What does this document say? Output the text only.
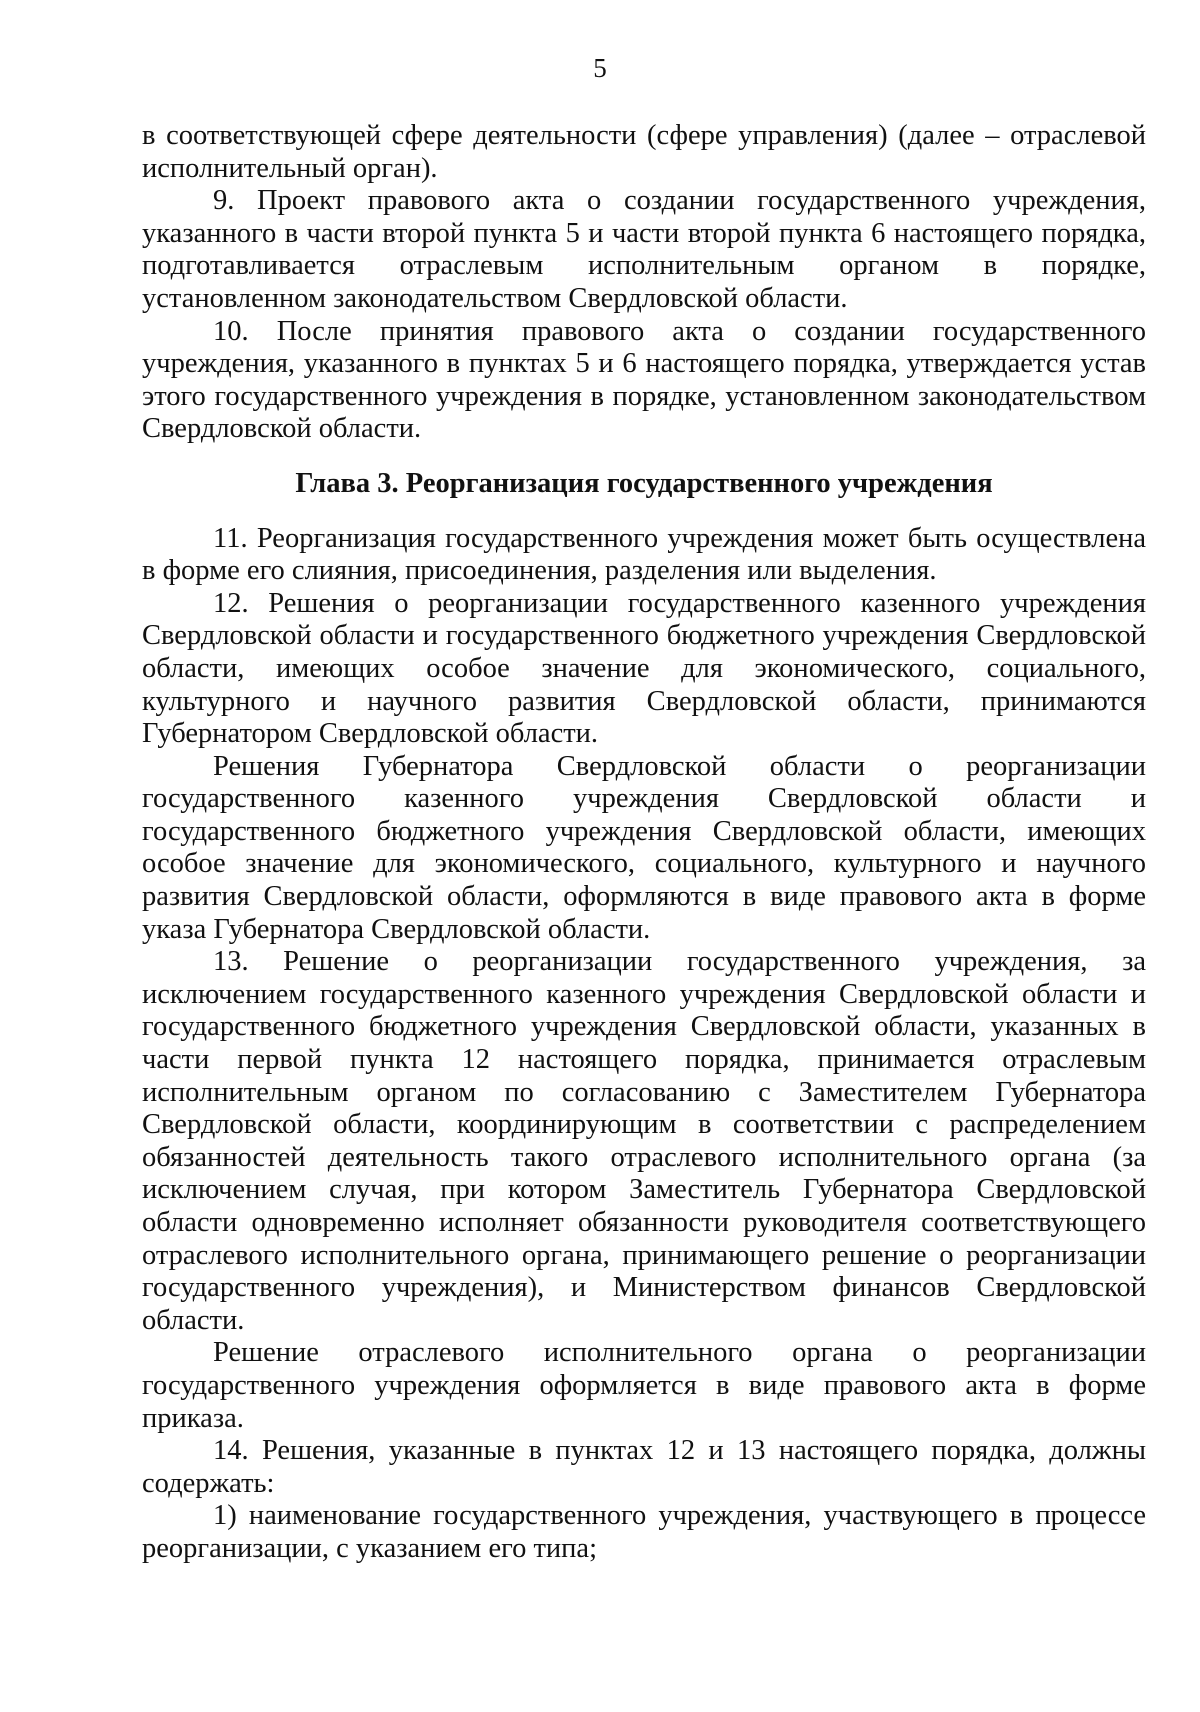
5

в соответствующей сфере деятельности (сфере управления) (далее – отраслевой исполнительный орган).

9. Проект правового акта о создании государственного учреждения, указанного в части второй пункта 5 и части второй пункта 6 настоящего порядка, подготавливается отраслевым исполнительным органом в порядке, установленном законодательством Свердловской области.

10. После принятия правового акта о создании государственного учреждения, указанного в пунктах 5 и 6 настоящего порядка, утверждается устав этого государственного учреждения в порядке, установленном законодательством Свердловской области.

Глава 3. Реорганизация государственного учреждения

11. Реорганизация государственного учреждения может быть осуществлена в форме его слияния, присоединения, разделения или выделения.

12. Решения о реорганизации государственного казенного учреждения Свердловской области и государственного бюджетного учреждения Свердловской области, имеющих особое значение для экономического, социального, культурного и научного развития Свердловской области, принимаются Губернатором Свердловской области.

Решения Губернатора Свердловской области о реорганизации государственного казенного учреждения Свердловской области и государственного бюджетного учреждения Свердловской области, имеющих особое значение для экономического, социального, культурного и научного развития Свердловской области, оформляются в виде правового акта в форме указа Губернатора Свердловской области.

13. Решение о реорганизации государственного учреждения, за исключением государственного казенного учреждения Свердловской области и государственного бюджетного учреждения Свердловской области, указанных в части первой пункта 12 настоящего порядка, принимается отраслевым исполнительным органом по согласованию с Заместителем Губернатора Свердловской области, координирующим в соответствии с распределением обязанностей деятельность такого отраслевого исполнительного органа (за исключением случая, при котором Заместитель Губернатора Свердловской области одновременно исполняет обязанности руководителя соответствующего отраслевого исполнительного органа, принимающего решение о реорганизации государственного учреждения), и Министерством финансов Свердловской области.

Решение отраслевого исполнительного органа о реорганизации государственного учреждения оформляется в виде правового акта в форме приказа.

14. Решения, указанные в пунктах 12 и 13 настоящего порядка, должны содержать:

1) наименование государственного учреждения, участвующего в процессе реорганизации, с указанием его типа;
